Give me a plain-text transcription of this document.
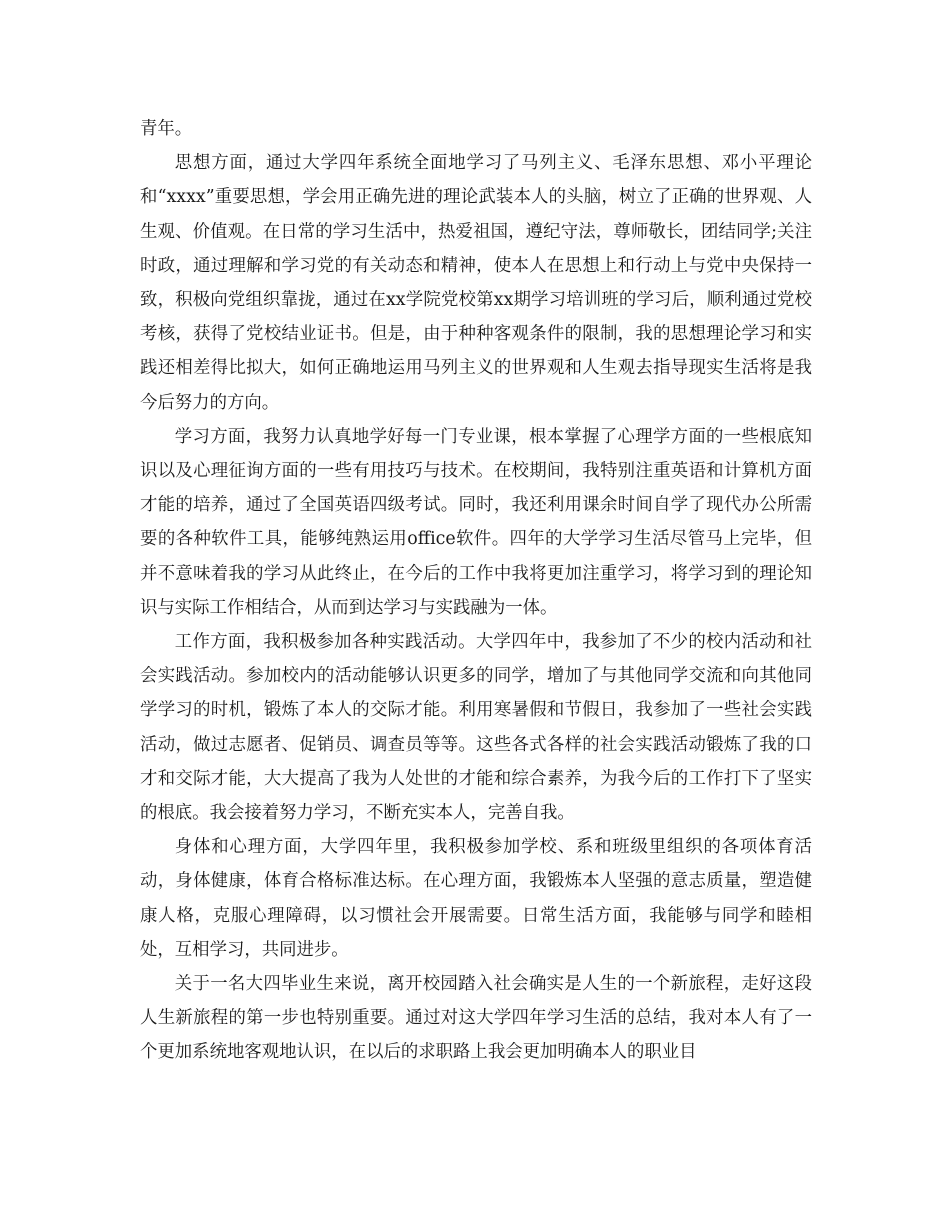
青年。

思想方面，通过大学四年系统全面地学习了马列主义、毛泽东思想、邓小平理论和“xxxx”重要思想，学会用正确先进的理论武装本人的头脑，树立了正确的世界观、人生观、价值观。在日常的学习生活中，热爱祖国，遵纪守法，尊师敬长，团结同学;关注时政，通过理解和学习党的有关动态和精神，使本人在思想上和行动上与党中央保持一致，积极向党组织靠拢，通过在xx学院党校第xx期学习培训班的学习后，顺利通过党校考核，获得了党校结业证书。但是，由于种种客观条件的限制，我的思想理论学习和实践还相差得比拟大，如何正确地运用马列主义的世界观和人生观去指导现实生活将是我今后努力的方向。

学习方面，我努力认真地学好每一门专业课，根本掌握了心理学方面的一些根底知识以及心理征询方面的一些有用技巧与技术。在校期间，我特别注重英语和计算机方面才能的培养，通过了全国英语四级考试。同时，我还利用课余时间自学了现代办公所需要的各种软件工具，能够纯熟运用office软件。四年的大学学习生活尽管马上完毕，但并不意味着我的学习从此终止，在今后的工作中我将更加注重学习，将学习到的理论知识与实际工作相结合，从而到达学习与实践融为一体。

工作方面，我积极参加各种实践活动。大学四年中，我参加了不少的校内活动和社会实践活动。参加校内的活动能够认识更多的同学，增加了与其他同学交流和向其他同学学习的时机，锻炼了本人的交际才能。利用寒暑假和节假日，我参加了一些社会实践活动，做过志愿者、促销员、调查员等等。这些各式各样的社会实践活动锻炼了我的口才和交际才能，大大提高了我为人处世的才能和综合素养，为我今后的工作打下了坚实的根底。我会接着努力学习，不断充实本人，完善自我。

身体和心理方面，大学四年里，我积极参加学校、系和班级里组织的各项体育活动，身体健康，体育合格标准达标。在心理方面，我锻炼本人坚强的意志质量，塑造健康人格，克服心理障碍，以习惯社会开展需要。日常生活方面，我能够与同学和睦相处，互相学习，共同进步。

关于一名大四毕业生来说，离开校园踏入社会确实是人生的一个新旅程，走好这段人生新旅程的第一步也特别重要。通过对这大学四年学习生活的总结，我对本人有了一个更加系统地客观地认识，在以后的求职路上我会更加明确本人的职业目
